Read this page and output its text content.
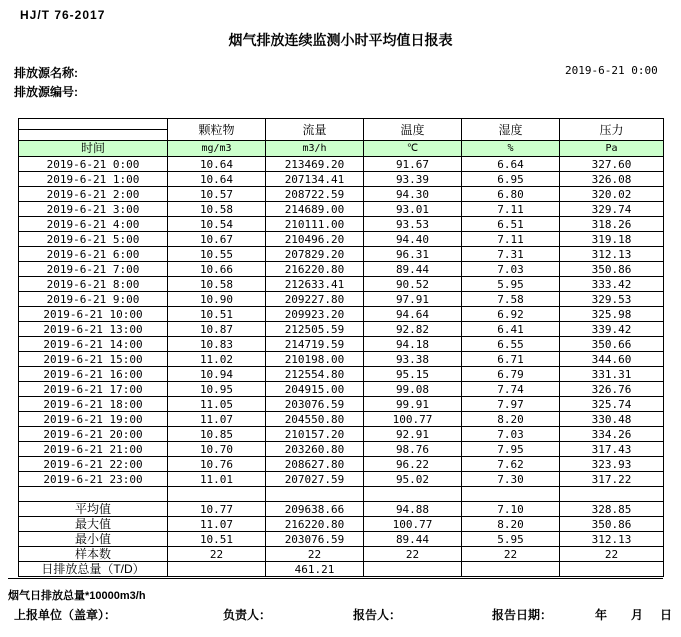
HJ/T 76-2017
烟气排放连续监测小时平均值日报表
排放源名称:
排放源编号:
2019-6-21 0:00
	颗粒物	流量	温度	湿度	压力

时间	mg/m3	m3/h	℃	%	Pa
2019-6-21 0:00	10.64	213469.20	91.67	6.64	327.60
2019-6-21 1:00	10.64	207134.41	93.39	6.95	326.08
2019-6-21 2:00	10.57	208722.59	94.30	6.80	320.02
2019-6-21 3:00	10.58	214689.00	93.01	7.11	329.74
2019-6-21 4:00	10.54	210111.00	93.53	6.51	318.26
2019-6-21 5:00	10.67	210496.20	94.40	7.11	319.18
2019-6-21 6:00	10.55	207829.20	96.31	7.31	312.13
2019-6-21 7:00	10.66	216220.80	89.44	7.03	350.86
2019-6-21 8:00	10.58	212633.41	90.52	5.95	333.42
2019-6-21 9:00	10.90	209227.80	97.91	7.58	329.53
2019-6-21 10:00	10.51	209923.20	94.64	6.92	325.98
2019-6-21 13:00	10.87	212505.59	92.82	6.41	339.42
2019-6-21 14:00	10.83	214719.59	94.18	6.55	350.66
2019-6-21 15:00	11.02	210198.00	93.38	6.71	344.60
2019-6-21 16:00	10.94	212554.80	95.15	6.79	331.31
2019-6-21 17:00	10.95	204915.00	99.08	7.74	326.76
2019-6-21 18:00	11.05	203076.59	99.91	7.97	325.74
2019-6-21 19:00	11.07	204550.80	100.77	8.20	330.48
2019-6-21 20:00	10.85	210157.20	92.91	7.03	334.26
2019-6-21 21:00	10.70	203260.80	98.76	7.95	317.43
2019-6-21 22:00	10.76	208627.80	96.22	7.62	323.93
2019-6-21 23:00	11.01	207027.59	95.02	7.30	317.22

平均值	10.77	209638.66	94.88	7.10	328.85
最大值	11.07	216220.80	100.77	8.20	350.86
最小值	10.51	203076.59	89.44	5.95	312.13
样本数	22	22	22	22	22
日排放总量（T/D）		461.21			
烟气日排放总量*10000m3/h
上报单位（盖章）：	负责人：	报告人：	报告日期：	年 月 日
